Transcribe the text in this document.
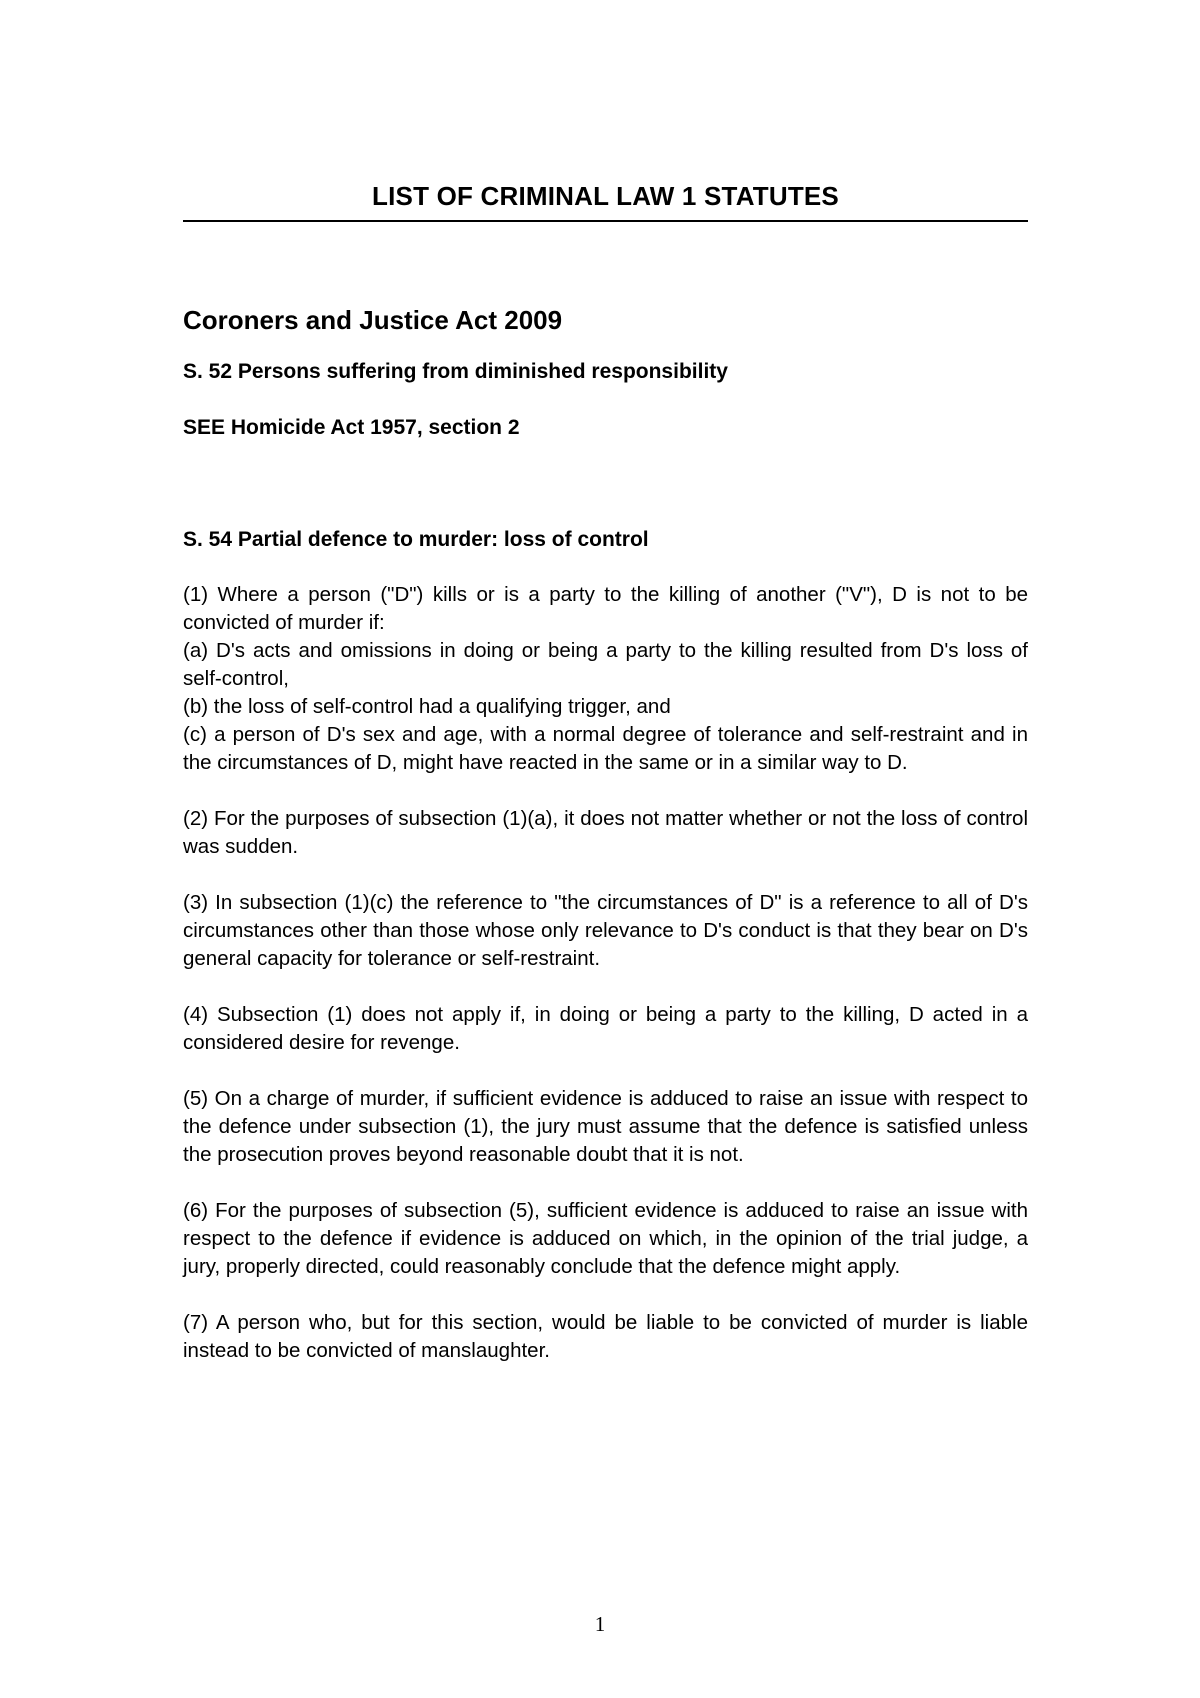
LIST OF CRIMINAL LAW 1 STATUTES
Coroners and Justice Act 2009
S. 52 Persons suffering from diminished responsibility
SEE Homicide Act 1957, section 2
S. 54 Partial defence to murder: loss of control
(1) Where a person ("D") kills or is a party to the killing of another ("V"), D is not to be convicted of murder if:
(a) D's acts and omissions in doing or being a party to the killing resulted from D's loss of self-control,
(b) the loss of self-control had a qualifying trigger, and
(c) a person of D's sex and age, with a normal degree of tolerance and self-restraint and in the circumstances of D, might have reacted in the same or in a similar way to D.
(2) For the purposes of subsection (1)(a), it does not matter whether or not the loss of control was sudden.
(3) In subsection (1)(c) the reference to "the circumstances of D" is a reference to all of D's circumstances other than those whose only relevance to D's conduct is that they bear on D's general capacity for tolerance or self-restraint.
(4) Subsection (1) does not apply if, in doing or being a party to the killing, D acted in a considered desire for revenge.
(5) On a charge of murder, if sufficient evidence is adduced to raise an issue with respect to the defence under subsection (1), the jury must assume that the defence is satisfied unless the prosecution proves beyond reasonable doubt that it is not.
(6) For the purposes of subsection (5), sufficient evidence is adduced to raise an issue with respect to the defence if evidence is adduced on which, in the opinion of the trial judge, a jury, properly directed, could reasonably conclude that the defence might apply.
(7) A person who, but for this section, would be liable to be convicted of murder is liable instead to be convicted of manslaughter.
1
